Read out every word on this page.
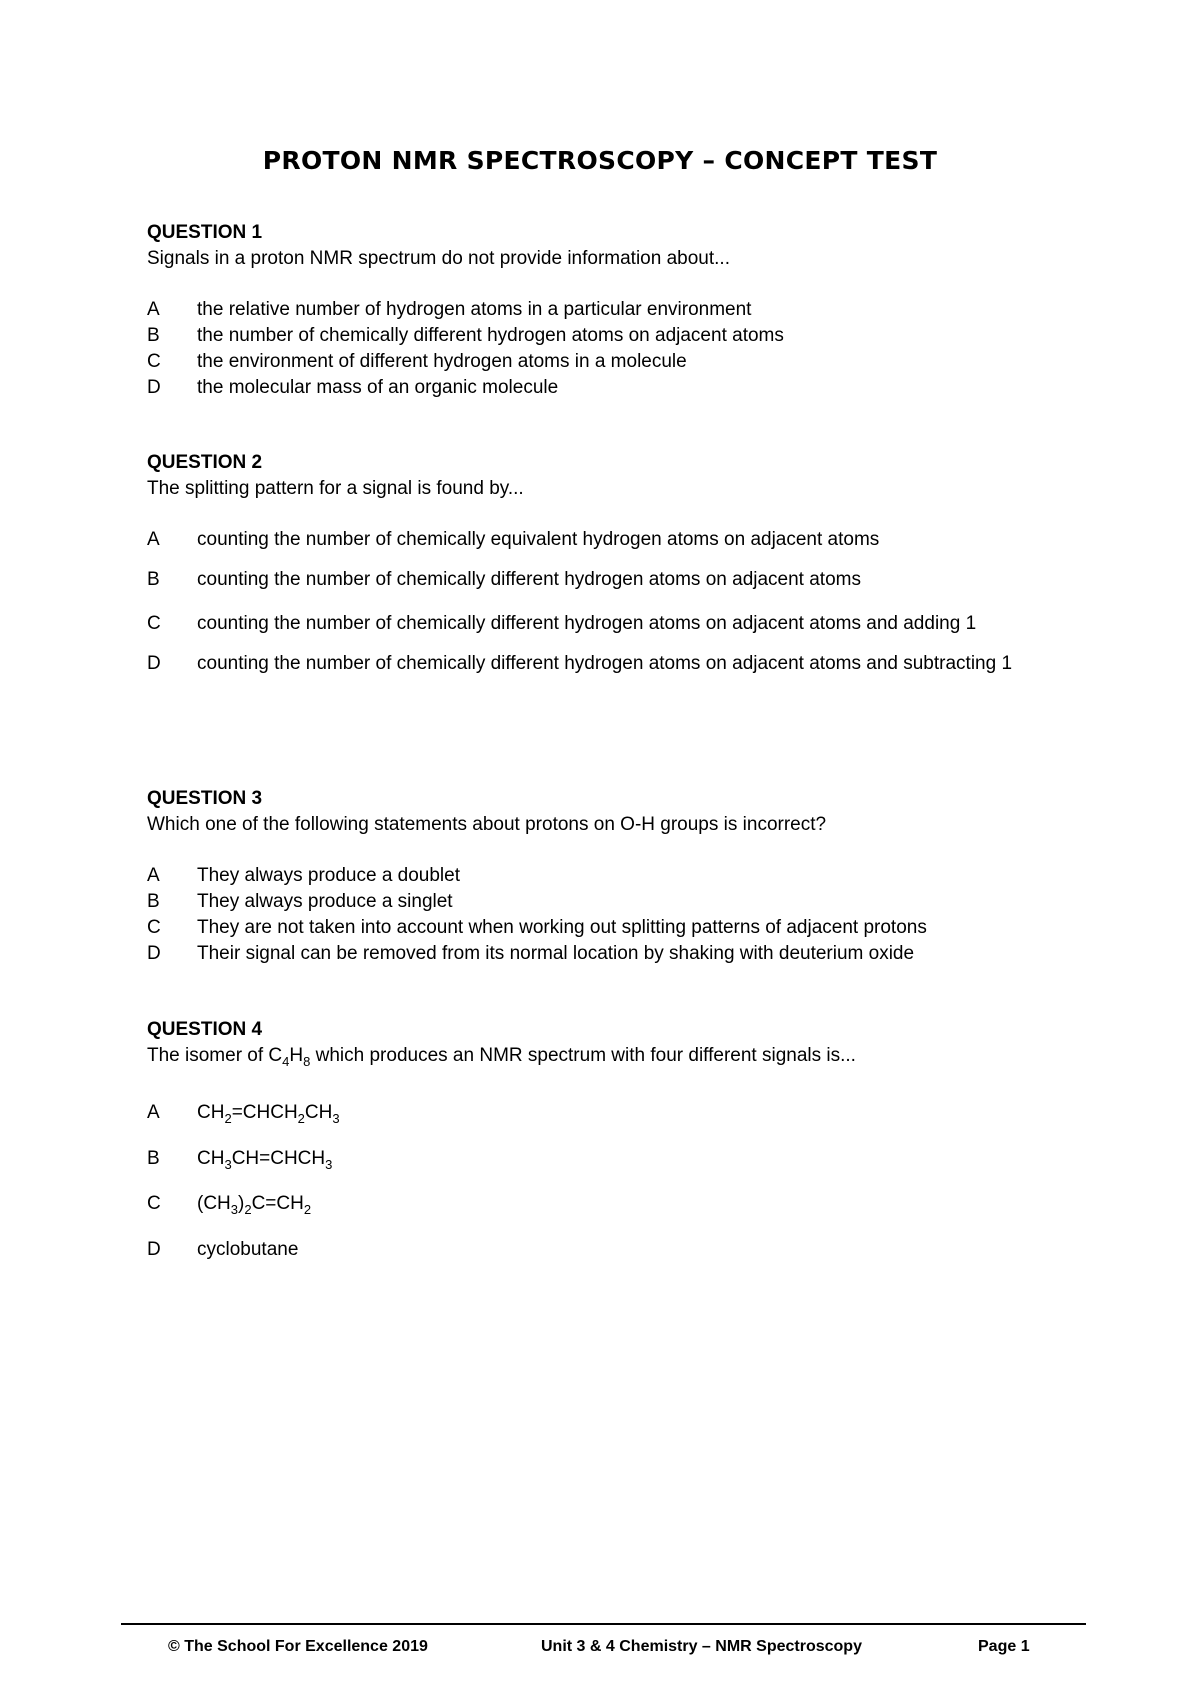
PROTON NMR SPECTROSCOPY – CONCEPT TEST
QUESTION 1
Signals in a proton NMR spectrum do not provide information about...
A	the relative number of hydrogen atoms in a particular environment
B	the number of chemically different hydrogen atoms on adjacent atoms
C	the environment of different hydrogen atoms in a molecule
D	the molecular mass of an organic molecule
QUESTION 2
The splitting pattern for a signal is found by...
A	counting the number of chemically equivalent hydrogen atoms on adjacent atoms
B	counting the number of chemically different hydrogen atoms on adjacent atoms
C	counting the number of chemically different hydrogen atoms on adjacent atoms and adding 1
D	counting the number of chemically different hydrogen atoms on adjacent atoms and subtracting 1
QUESTION 3
Which one of the following statements about protons on O-H groups is incorrect?
A	They always produce a doublet
B	They always produce a singlet
C	They are not taken into account when working out splitting patterns of adjacent protons
D	Their signal can be removed from its normal location by shaking with deuterium oxide
QUESTION 4
The isomer of $C_4H_8$ which produces an NMR spectrum with four different signals is...
A	$CH_2=CHCH_2CH_3$
B	$CH_3CH=CHCH_3$
C	$(CH_3)_2C=CH_2$
D	cyclobutane
© The School For Excellence 2019	Unit 3 & 4 Chemistry – NMR Spectroscopy	Page 1
